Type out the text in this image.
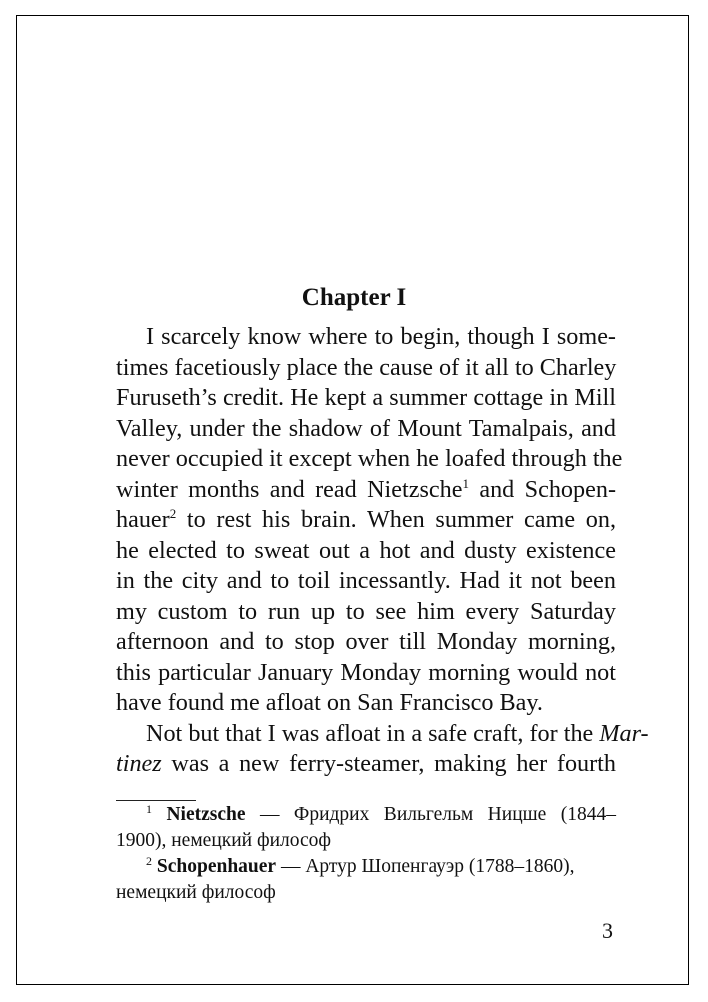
Chapter I
I scarcely know where to begin, though I some-
times facetiously place the cause of it all to Charley
Furuseth’s credit. He kept a summer cottage in Mill
Valley, under the shadow of Mount Tamalpais, and
never occupied it except when he loafed through the
winter months and read Nietzsche$^1$ and Schopen-
hauer$^2$ to rest his brain. When summer came on,
he elected to sweat out a hot and dusty existence
in the city and to toil incessantly. Had it not been
my custom to run up to see him every Saturday
afternoon and to stop over till Monday morning,
this particular January Monday morning would not
have found me afloat on San Francisco Bay.
Not but that I was afloat in a safe craft, for the Mar-
tinez was a new ferry-steamer, making her fourth
$^1$ Nietzsche — Фридрих Вильгельм Ницше (1844–
1900), немецкий философ
$^2$ Schopenhauer — Артур Шопенгауэр (1788–1860),
немецкий философ
3
